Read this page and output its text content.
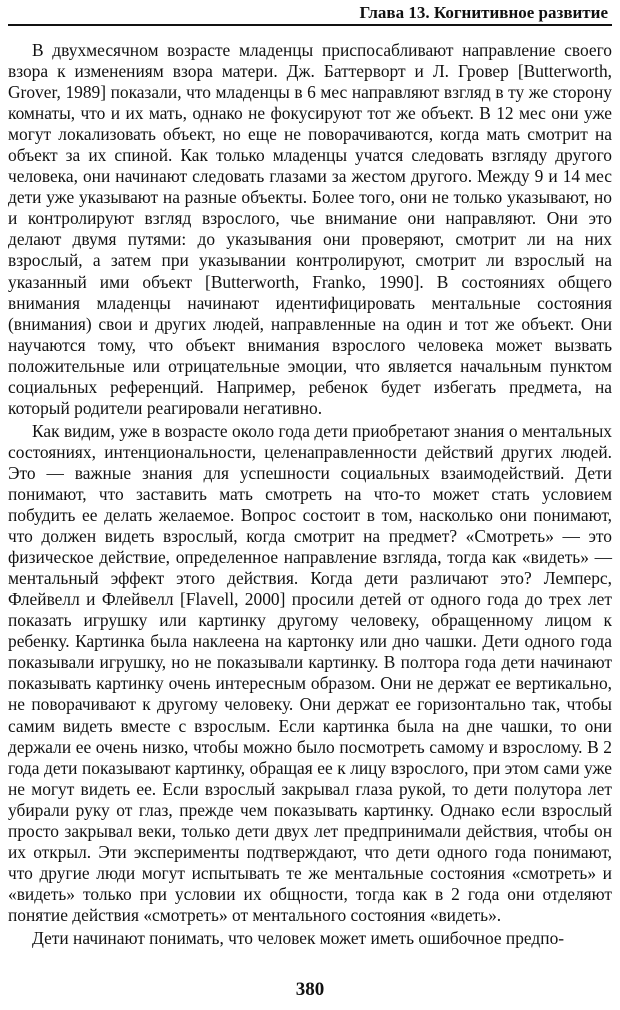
Глава 13. Когнитивное развитие

В двухмесячном возрасте младенцы приспосабливают направление своего взора к изменениям взора матери. Дж. Баттерворт и Л. Гровер [Butterworth, Grover, 1989] показали, что младенцы в 6 мес направляют взгляд в ту же сторону комнаты, что и их мать, однако не фокусируют тот же объект. В 12 мес они уже могут локализовать объект, но еще не поворачиваются, когда мать смотрит на объект за их спиной. Как только младенцы учатся следовать взгляду другого человека, они начинают следовать глазами за жестом другого. Между 9 и 14 мес дети уже указывают на разные объекты. Более того, они не только указывают, но и контролируют взгляд взрослого, чье внимание они направляют. Они это делают двумя путями: до указывания они проверяют, смотрит ли на них взрослый, а затем при указывании контролируют, смотрит ли взрослый на указанный ими объект [Butterworth, Franko, 1990]. В состояниях общего внимания младенцы начинают идентифицировать ментальные состояния (внимания) свои и других людей, направленные на один и тот же объект. Они научаются тому, что объект внимания взрослого человека может вызвать положительные или отрицательные эмоции, что является начальным пунктом социальных референций. Например, ребенок будет избегать предмета, на который родители реагировали негативно.

Как видим, уже в возрасте около года дети приобретают знания о ментальных состояниях, интенциональности, целенаправленности действий других людей. Это — важные знания для успешности социальных взаимодействий. Дети понимают, что заставить мать смотреть на что-то может стать условием побудить ее делать желаемое. Вопрос состоит в том, насколько они понимают, что должен видеть взрослый, когда смотрит на предмет? «Смотреть» — это физическое действие, определенное направление взгляда, тогда как «видеть» — ментальный эффект этого действия. Когда дети различают это? Лемперс, Флейвелл и Флейвелл [Flavell, 2000] просили детей от одного года до трех лет показать игрушку или картинку другому человеку, обращенному лицом к ребенку. Картинка была наклеена на картонку или дно чашки. Дети одного года показывали игрушку, но не показывали картинку. В полтора года дети начинают показывать картинку очень интересным образом. Они не держат ее вертикально, не поворачивают к другому человеку. Они держат ее горизонтально так, чтобы самим видеть вместе с взрослым. Если картинка была на дне чашки, то они держали ее очень низко, чтобы можно было посмотреть самому и взрослому. В 2 года дети показывают картинку, обращая ее к лицу взрослого, при этом сами уже не могут видеть ее. Если взрослый закрывал глаза рукой, то дети полутора лет убирали руку от глаз, прежде чем показывать картинку. Однако если взрослый просто закрывал веки, только дети двух лет предпринимали действия, чтобы он их открыл. Эти эксперименты подтверждают, что дети одного года понимают, что другие люди могут испытывать те же ментальные состояния «смотреть» и «видеть» только при условии их общности, тогда как в 2 года они отделяют понятие действия «смотреть» от ментального состояния «видеть».

Дети начинают понимать, что человек может иметь ошибочное предпо-

380
